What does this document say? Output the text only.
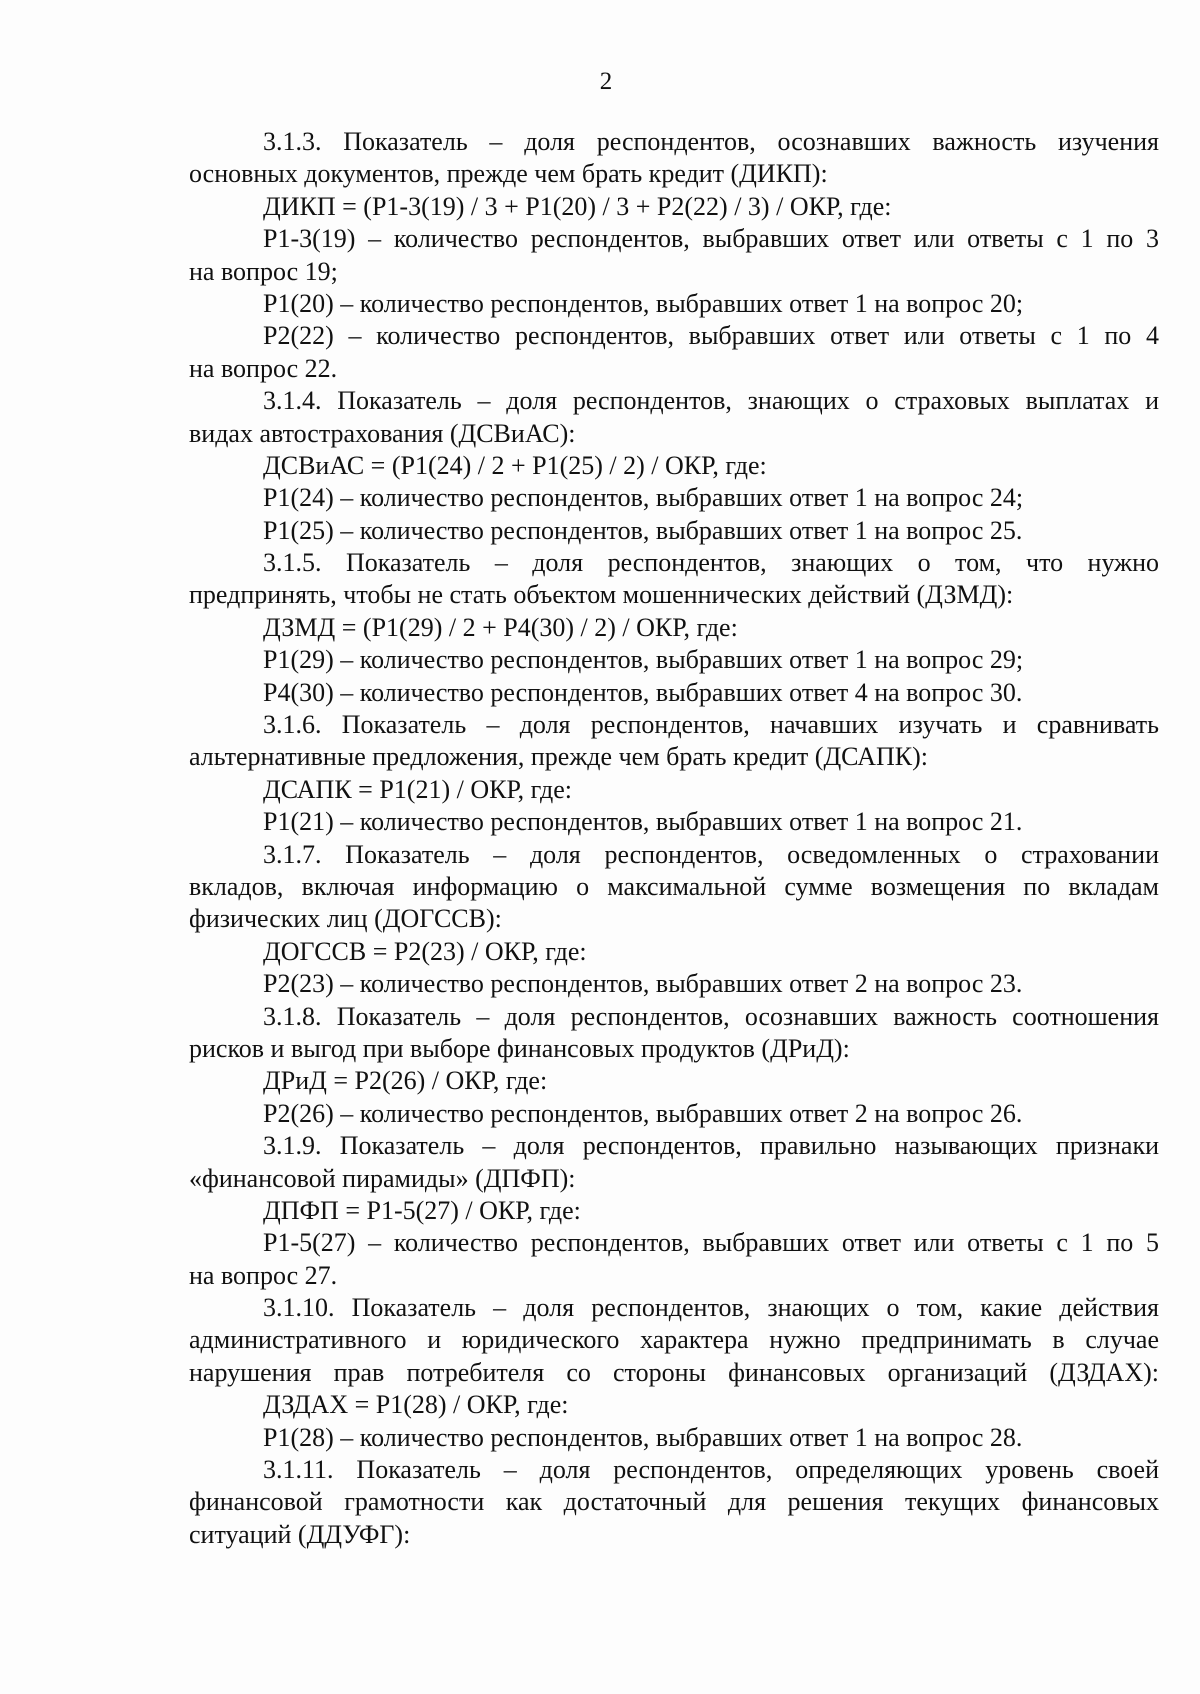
2
3.1.3. Показатель – доля респондентов, осознавших важность изучения
основных документов, прежде чем брать кредит (ДИКП):
ДИКП = (Р1-3(19) / 3 + Р1(20) / 3 + Р2(22) / 3) / ОКР, где:
Р1-3(19) – количество респондентов, выбравших ответ или ответы с 1 по 3
на вопрос 19;
Р1(20) – количество респондентов, выбравших ответ 1 на вопрос 20;
Р2(22) – количество респондентов, выбравших ответ или ответы с 1 по 4
на вопрос 22.
3.1.4. Показатель – доля респондентов, знающих о страховых выплатах и
видах автострахования (ДСВиАС):
ДСВиАС = (Р1(24) / 2 + Р1(25) / 2) / ОКР, где:
Р1(24) – количество респондентов, выбравших ответ 1 на вопрос 24;
Р1(25) – количество респондентов, выбравших ответ 1 на вопрос 25.
3.1.5. Показатель – доля респондентов, знающих о том, что нужно
предпринять, чтобы не стать объектом мошеннических действий (ДЗМД):
ДЗМД = (Р1(29) / 2 + Р4(30) / 2) / ОКР, где:
Р1(29) – количество респондентов, выбравших ответ 1 на вопрос 29;
Р4(30) – количество респондентов, выбравших ответ 4 на вопрос 30.
3.1.6. Показатель – доля респондентов, начавших изучать и сравнивать
альтернативные предложения, прежде чем брать кредит (ДСАПК):
ДСАПК = Р1(21) / ОКР, где:
Р1(21) – количество респондентов, выбравших ответ 1 на вопрос 21.
3.1.7. Показатель – доля респондентов, осведомленных о страховании
вкладов, включая информацию о максимальной сумме возмещения по вкладам
физических лиц (ДОГССВ):
ДОГССВ = Р2(23) / ОКР, где:
Р2(23) – количество респондентов, выбравших ответ 2 на вопрос 23.
3.1.8. Показатель – доля респондентов, осознавших важность соотношения
рисков и выгод при выборе финансовых продуктов (ДРиД):
ДРиД = Р2(26) / ОКР, где:
Р2(26) – количество респондентов, выбравших ответ 2 на вопрос 26.
3.1.9. Показатель – доля респондентов, правильно называющих признаки
«финансовой пирамиды» (ДПФП):
ДПФП = Р1-5(27) / ОКР, где:
Р1-5(27) – количество респондентов, выбравших ответ или ответы с 1 по 5
на вопрос 27.
3.1.10. Показатель – доля респондентов, знающих о том, какие действия
административного и юридического характера нужно предпринимать в случае
нарушения прав потребителя со стороны финансовых организаций (ДЗДАХ):
ДЗДАХ = Р1(28) / ОКР, где:
Р1(28) – количество респондентов, выбравших ответ 1 на вопрос 28.
3.1.11. Показатель – доля респондентов, определяющих уровень своей
финансовой грамотности как достаточный для решения текущих финансовых
ситуаций (ДДУФГ):
